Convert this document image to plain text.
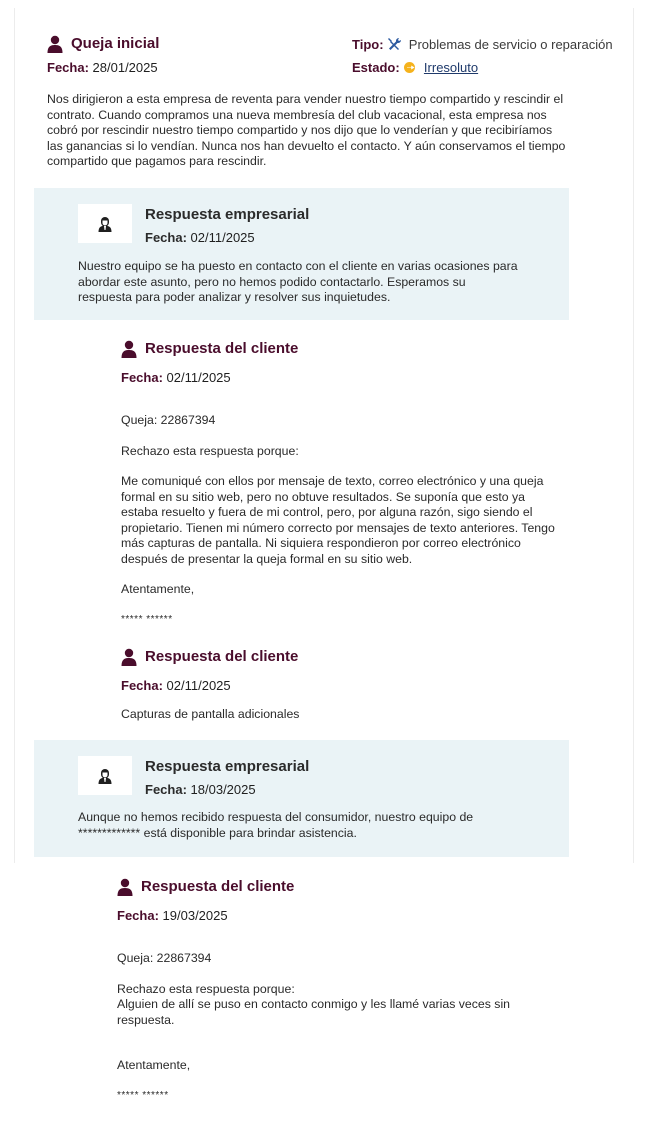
Queja inicial
Fecha: 28/01/2025
Tipo: Problemas de servicio o reparación
Estado: Irresoluto
Nos dirigieron a esta empresa de reventa para vender nuestro tiempo compartido y rescindir el contrato. Cuando compramos una nueva membresía del club vacacional, esta empresa nos cobró por rescindir nuestro tiempo compartido y nos dijo que lo venderían y que recibiríamos las ganancias si lo vendían. Nunca nos han devuelto el contacto. Y aún conservamos el tiempo compartido que pagamos para rescindir.
Respuesta empresarial
Fecha: 02/11/2025
Nuestro equipo se ha puesto en contacto con el cliente en varias ocasiones para abordar este asunto, pero no hemos podido contactarlo. Esperamos su respuesta para poder analizar y resolver sus inquietudes.
Respuesta del cliente
Fecha: 02/11/2025
Queja: 22867394
Rechazo esta respuesta porque:
Me comuniqué con ellos por mensaje de texto, correo electrónico y una queja formal en su sitio web, pero no obtuve resultados. Se suponía que esto ya estaba resuelto y fuera de mi control, pero, por alguna razón, sigo siendo el propietario. Tienen mi número correcto por mensajes de texto anteriores. Tengo más capturas de pantalla. Ni siquiera respondieron por correo electrónico después de presentar la queja formal en su sitio web.
Atentamente,
***** ******
Respuesta del cliente
Fecha: 02/11/2025
Capturas de pantalla adicionales
Respuesta empresarial
Fecha: 18/03/2025
Aunque no hemos recibido respuesta del consumidor, nuestro equipo de ************* está disponible para brindar asistencia.
Respuesta del cliente
Fecha: 19/03/2025
Queja: 22867394
Rechazo esta respuesta porque:
Alguien de allí se puso en contacto conmigo y les llamé varias veces sin respuesta.
Atentamente,
***** ******
